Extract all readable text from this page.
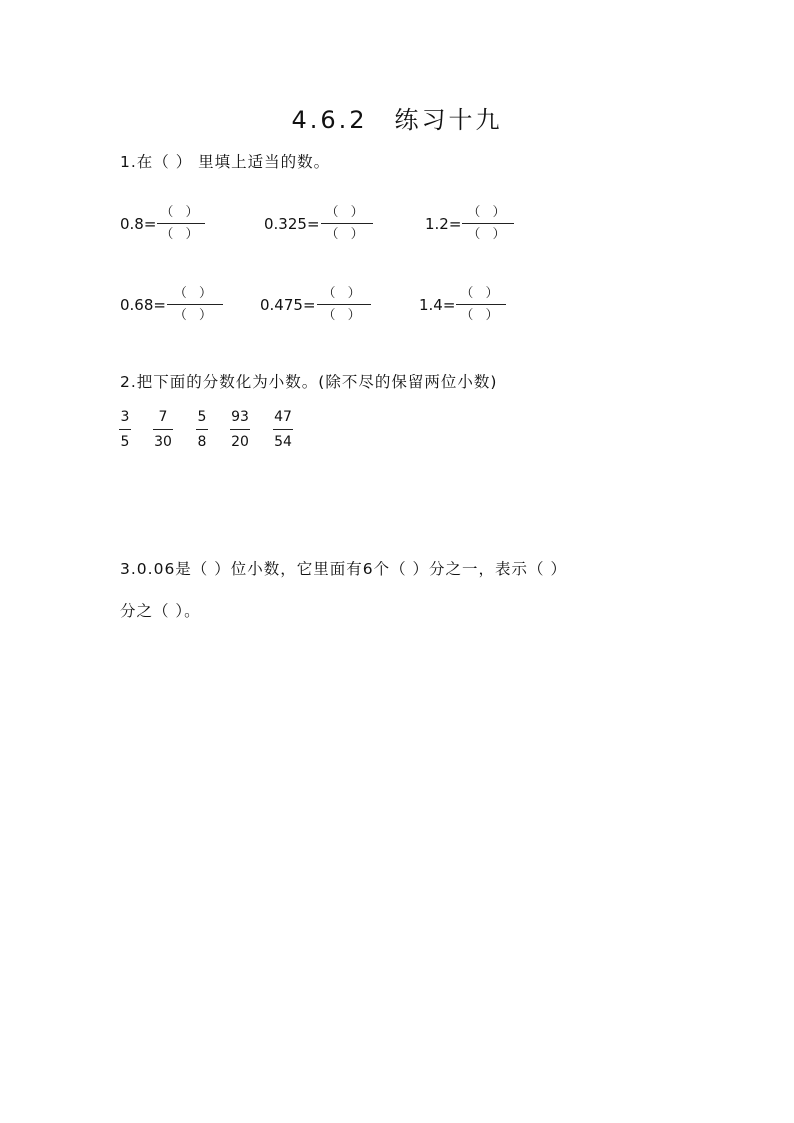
4.6.2　练习十九
1.在（ ） 里填上适当的数。
$0.8= \frac{( )}{( )}$	$0.325= \frac{( )}{( )}$	$1.2= \frac{( )}{( )}$
$0.68= \frac{( )}{( )} 0.475= \frac{( )}{( )}$	$1.4= \frac{( )}{( )}$
2.把下面的分数化为小数。(除不尽的保留两位小数)
3
5
7
30
5
8
93
20
47
54
3.0.06是（ ）位小数，它里面有6个（ ）分之一，表示（ ）
分之（ ）。
